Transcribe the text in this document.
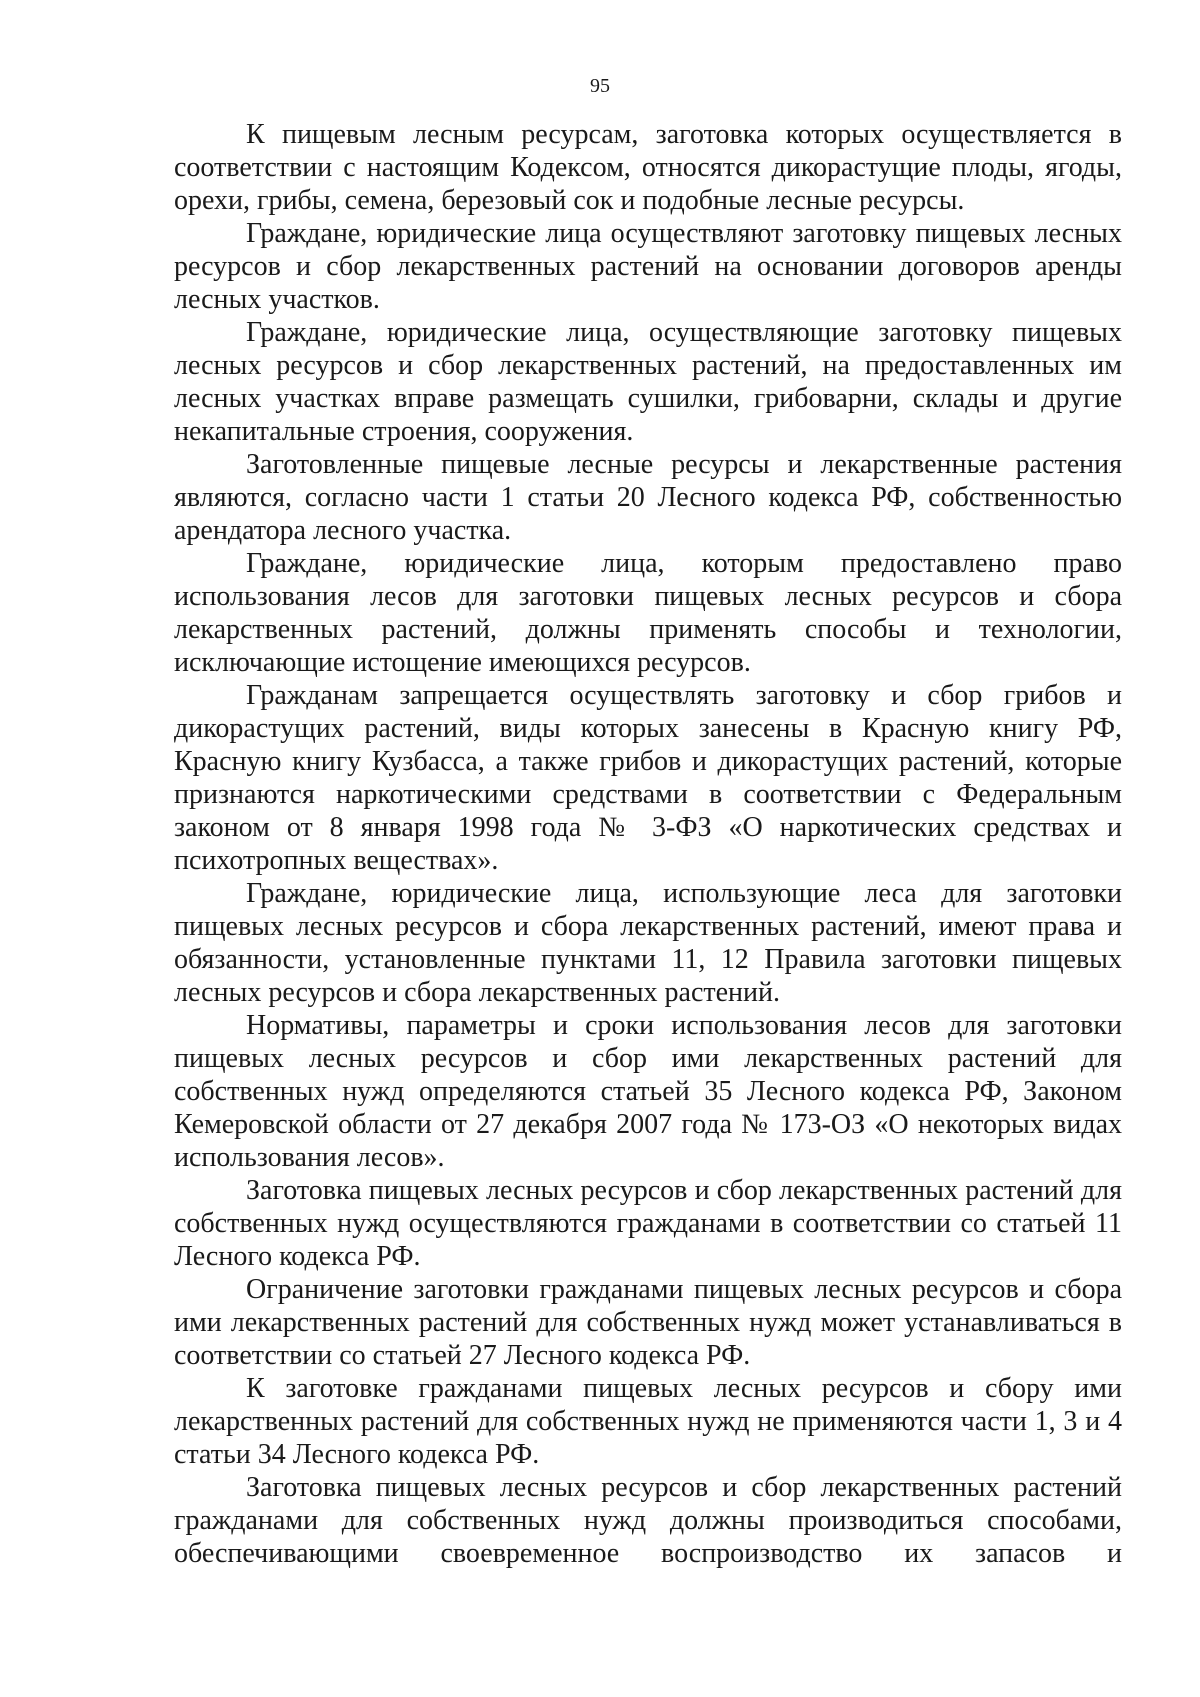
95

К пищевым лесным ресурсам, заготовка которых осуществляется в соответствии с настоящим Кодексом, относятся дикорастущие плоды, ягоды, орехи, грибы, семена, березовый сок и подобные лесные ресурсы.

Граждане, юридические лица осуществляют заготовку пищевых лесных ресурсов и сбор лекарственных растений на основании договоров аренды лесных участков.

Граждане, юридические лица, осуществляющие заготовку пищевых лесных ресурсов и сбор лекарственных растений, на предоставленных им лесных участках вправе размещать сушилки, грибоварни, склады и другие некапитальные строения, сооружения.

Заготовленные пищевые лесные ресурсы и лекарственные растения являются, согласно части 1 статьи 20 Лесного кодекса РФ, собственностью арендатора лесного участка.

Граждане, юридические лица, которым предоставлено право использования лесов для заготовки пищевых лесных ресурсов и сбора лекарственных растений, должны применять способы и технологии, исключающие истощение имеющихся ресурсов.

Гражданам запрещается осуществлять заготовку и сбор грибов и дикорастущих растений, виды которых занесены в Красную книгу РФ, Красную книгу Кузбасса, а также грибов и дикорастущих растений, которые признаются наркотическими средствами в соответствии с Федеральным законом от 8 января 1998 года № 3-ФЗ «О наркотических средствах и психотропных веществах».

Граждане, юридические лица, использующие леса для заготовки пищевых лесных ресурсов и сбора лекарственных растений, имеют права и обязанности, установленные пунктами 11, 12 Правила заготовки пищевых лесных ресурсов и сбора лекарственных растений.

Нормативы, параметры и сроки использования лесов для заготовки пищевых лесных ресурсов и сбор ими лекарственных растений для собственных нужд определяются статьей 35 Лесного кодекса РФ, Законом Кемеровской области от 27 декабря 2007 года № 173-ОЗ «О некоторых видах использования лесов».

Заготовка пищевых лесных ресурсов и сбор лекарственных растений для собственных нужд осуществляются гражданами в соответствии со статьей 11 Лесного кодекса РФ.

Ограничение заготовки гражданами пищевых лесных ресурсов и сбора ими лекарственных растений для собственных нужд может устанавливаться в соответствии со статьей 27 Лесного кодекса РФ.

К заготовке гражданами пищевых лесных ресурсов и сбору ими лекарственных растений для собственных нужд не применяются части 1, 3 и 4 статьи 34 Лесного кодекса РФ.

Заготовка пищевых лесных ресурсов и сбор лекарственных растений гражданами для собственных нужд должны производиться способами, обеспечивающими своевременное воспроизводство их запасов и
